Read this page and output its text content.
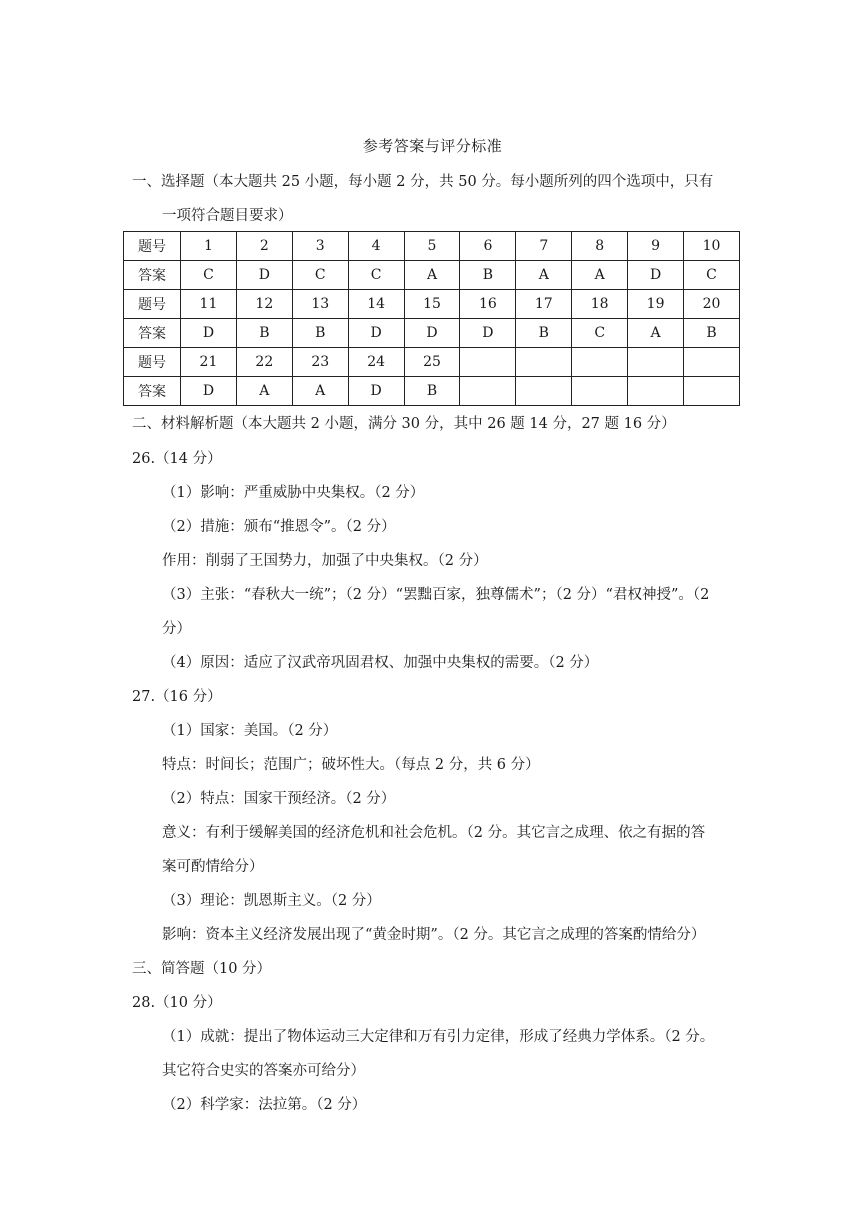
参考答案与评分标准
一、选择题（本大题共 25 小题，每小题 2 分，共 50 分。每小题所列的四个选项中，只有
一项符合题目要求）
题号	1	2	3	4	5	6	7	8	9	10
答案	C	D	C	C	A	B	A	A	D	C
题号	11	12	13	14	15	16	17	18	19	20
答案	D	B	B	D	D	D	B	C	A	B
题号	21	22	23	24	25					
答案	D	A	A	D	B					
二、材料解析题（本大题共 2 小题，满分 30 分，其中 26 题 14 分，27 题 16 分）
26.（14 分）
（1）影响：严重威胁中央集权。（2 分）
（2）措施：颁布“推恩令”。（2 分）
作用：削弱了王国势力，加强了中央集权。（2 分）
（3）主张：“春秋大一统”；（2 分）“罢黜百家，独尊儒术”；（2 分）“君权神授”。（2
分）
（4）原因：适应了汉武帝巩固君权、加强中央集权的需要。（2 分）
27.（16 分）
（1）国家：美国。（2 分）
特点：时间长；范围广；破坏性大。（每点 2 分，共 6 分）
（2）特点：国家干预经济。（2 分）
意义：有利于缓解美国的经济危机和社会危机。（2 分。其它言之成理、依之有据的答
案可酌情给分）
（3）理论：凯恩斯主义。（2 分）
影响：资本主义经济发展出现了“黄金时期”。（2 分。其它言之成理的答案酌情给分）
三、简答题（10 分）
28.（10 分）
（1）成就：提出了物体运动三大定律和万有引力定律，形成了经典力学体系。（2 分。
其它符合史实的答案亦可给分）
（2）科学家：法拉第。（2 分）
